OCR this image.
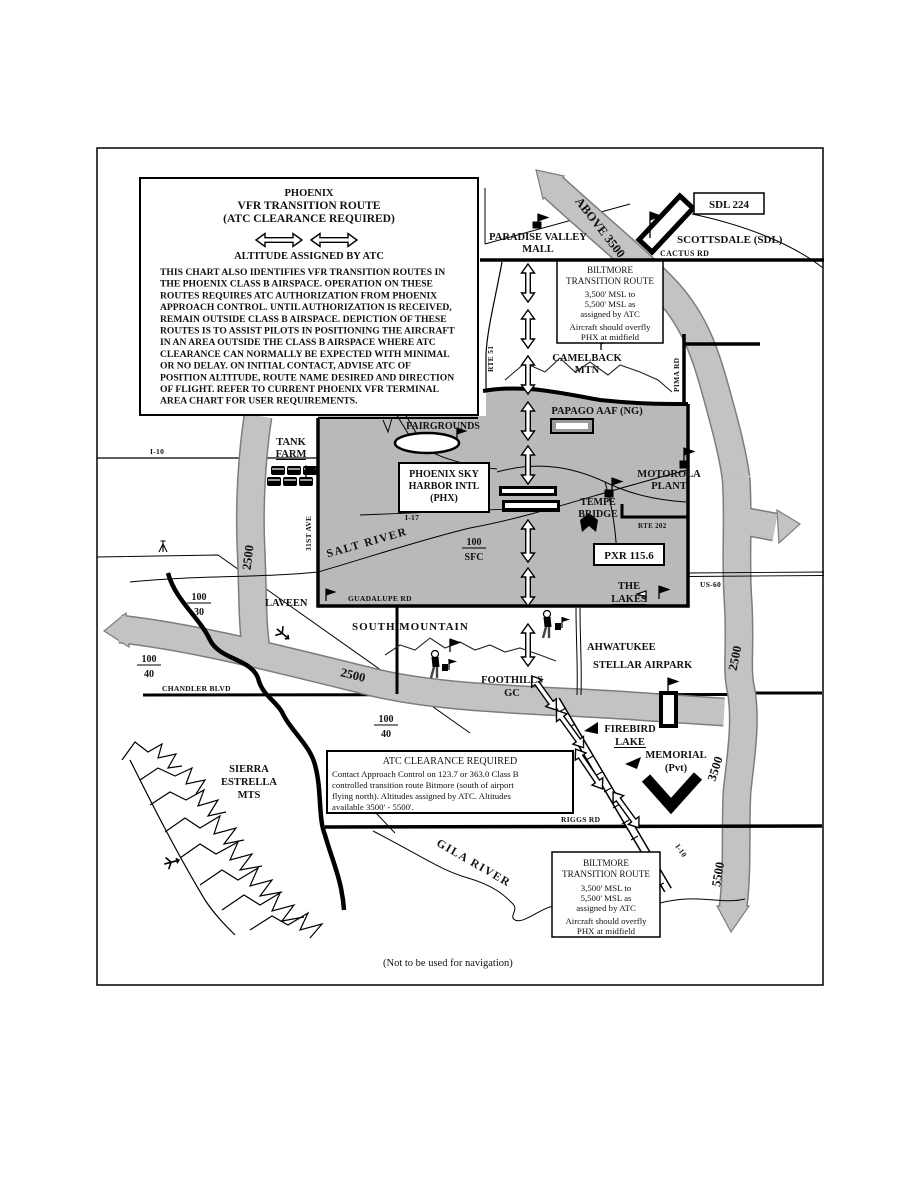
PHOENIX
VFR TRANSITION ROUTE
(ATC CLEARANCE REQUIRED)
ALTITUDE ASSIGNED BY ATC
THIS CHART ALSO IDENTIFIES VFR TRANSITION ROUTES IN
THE PHOENIX CLASS B AIRSPACE. OPERATION ON THESE
ROUTES REQUIRES ATC AUTHORIZATION FROM PHOENIX
APPROACH CONTROL. UNTIL AUTHORIZATION IS RECEIVED,
REMAIN OUTSIDE CLASS B AIRSPACE. DEPICTION OF THESE
ROUTES IS TO ASSIST PILOTS IN POSITIONING THE AIRCRAFT
IN AN AREA OUTSIDE THE CLASS B AIRSPACE WHERE ATC
CLEARANCE CAN NORMALLY BE EXPECTED WITH MINIMAL
OR NO DELAY. ON INITIAL CONTACT, ADVISE ATC OF
POSITION ALTITUDE, ROUTE NAME DESIRED AND DIRECTION
OF FLIGHT. REFER TO CURRENT PHOENIX VFR TERMINAL
AREA CHART FOR USER REQUIREMENTS.
SDL 224
BILTMORE
TRANSITION ROUTE
3,500' MSL to
5,500' MSL as
assigned by ATC
Aircraft should overfly
PHX at midfield
BILTMORE
TRANSITION ROUTE
3,500' MSL to
5,500' MSL as
assigned by ATC
Aircraft should overfly
PHX at midfield
ATC CLEARANCE REQUIRED
Contact Approach Control on 123.7 or 363.0 Class B
controlled transition route Bitmore (south of airport
flying north). Altitudes assigned by ATC. Altitudes
available 3500' - 5500'.
PHOENIX SKY
HARBOR INTL
(PHX)
PXR 115.6
SCOTTSDALE (SDL)
PARADISE VALLEY
MALL ABOVE 3500	CACTUS RD
CAMELBACK
MTN
PAPAGO AAF (NG)
RTE 51	PIMA RD
MOTOROLA
PLANT
TANK
FARM
FAIRGROUNDS
I-10
I-17
31ST AVE SALT RIVER
2500
2500
2500
3500
5500
100
SFC
TEMPE
BRIDGE
RTE 202
US-60
THE
LAKES
GUADALUPE RD
LAVEEN
100
30
100
40
100
40
CHANDLER BLVD
SOUTH MOUNTAIN
AHWATUKEE
STELLAR AIRPARK
FOOTHILLS
GC
FIREBIRD
LAKE
MEMORIAL
(Pvt)
SIERRA
ESTRELLA
MTS
RIGGS RD
GILA RIVER	I-10
(Not to be used for navigation)
